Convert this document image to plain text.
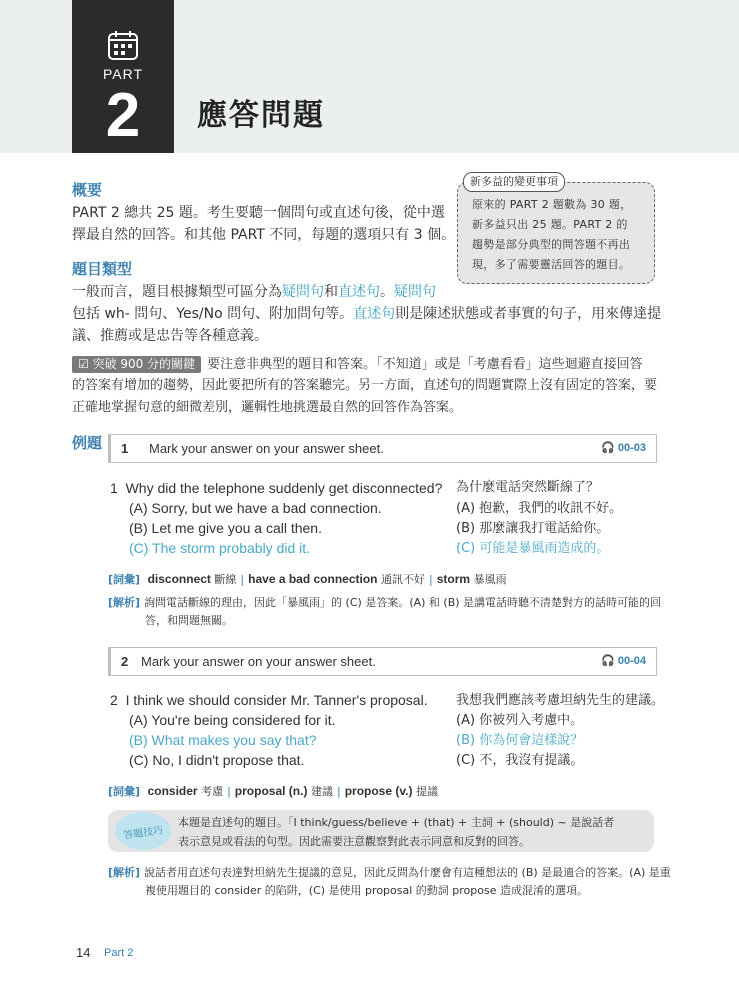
PART
2	應答問題
概要
PART 2 總共 25 題。考生要聽一個問句或直述句後，從中選
擇最自然的回答。和其他 PART 不同，每題的選項只有 3 個。
新多益的變更事項
原來的 PART 2 題數為 30 題，
新多益只出 25 題。PART 2 的
趨勢是部分典型的問答題不再出
現，多了需要靈活回答的題目。
題目類型
一般而言，題目根據類型可區分為疑問句和直述句。疑問句
包括 wh- 問句、Yes/No 問句、附加問句等。直述句則是陳述狀態或者事實的句子，用來傳達提
議、推薦或是忠告等各種意義。
☑ 突破 900 分的關鍵 要注意非典型的題目和答案。「不知道」或是「考慮看看」這些迴避直接回答
的答案有增加的趨勢，因此要把所有的答案聽完。另一方面，直述句的問題實際上沒有固定的答案，要
正確地掌握句意的細微差別，邏輯性地挑選最自然的回答作為答案。
例題 1 Mark your answer on your answer sheet.	🎧 00-03
1 Why did the telephone suddenly get disconnected?
(A) Sorry, but we have a bad connection.
(B) Let me give you a call then.
(C) The storm probably did it.
為什麼電話突然斷線了？
(A) 抱歉，我們的收訊不好。
(B) 那麼讓我打電話給你。
(C) 可能是暴風雨造成的。
[詞彙] disconnect 斷線 | have a bad connection 通訊不好 | storm 暴風雨
[解析] 詢問電話斷線的理由，因此「暴風雨」的 (C) 是答案。(A) 和 (B) 是講電話時聽不清楚對方的話時可能的回
答，和問題無關。
2 Mark your answer on your answer sheet.	🎧 00-04
2 I think we should consider Mr. Tanner's proposal.
(A) You're being considered for it.
(B) What makes you say that?
(C) No, I didn't propose that.
我想我們應該考慮坦納先生的建議。
(A) 你被列入考慮中。
(B) 你為何會這樣說？
(C) 不，我沒有提議。
[詞彙] consider 考慮 | proposal (n.) 建議 | propose (v.) 提議
答題技巧
本題是直述句的題目。「I think/guess/believe + (that) + 主詞 + (should) ~ 是說話者
表示意見或看法的句型。因此需要注意觀察對此表示同意和反對的回答。
[解析] 說話者用直述句表達對坦納先生提議的意見，因此反問為什麼會有這種想法的 (B) 是最適合的答案。(A) 是重
複使用題目的 consider 的陷阱，(C) 是使用 proposal 的動詞 propose 造成混淆的選項。
14 Part 2
